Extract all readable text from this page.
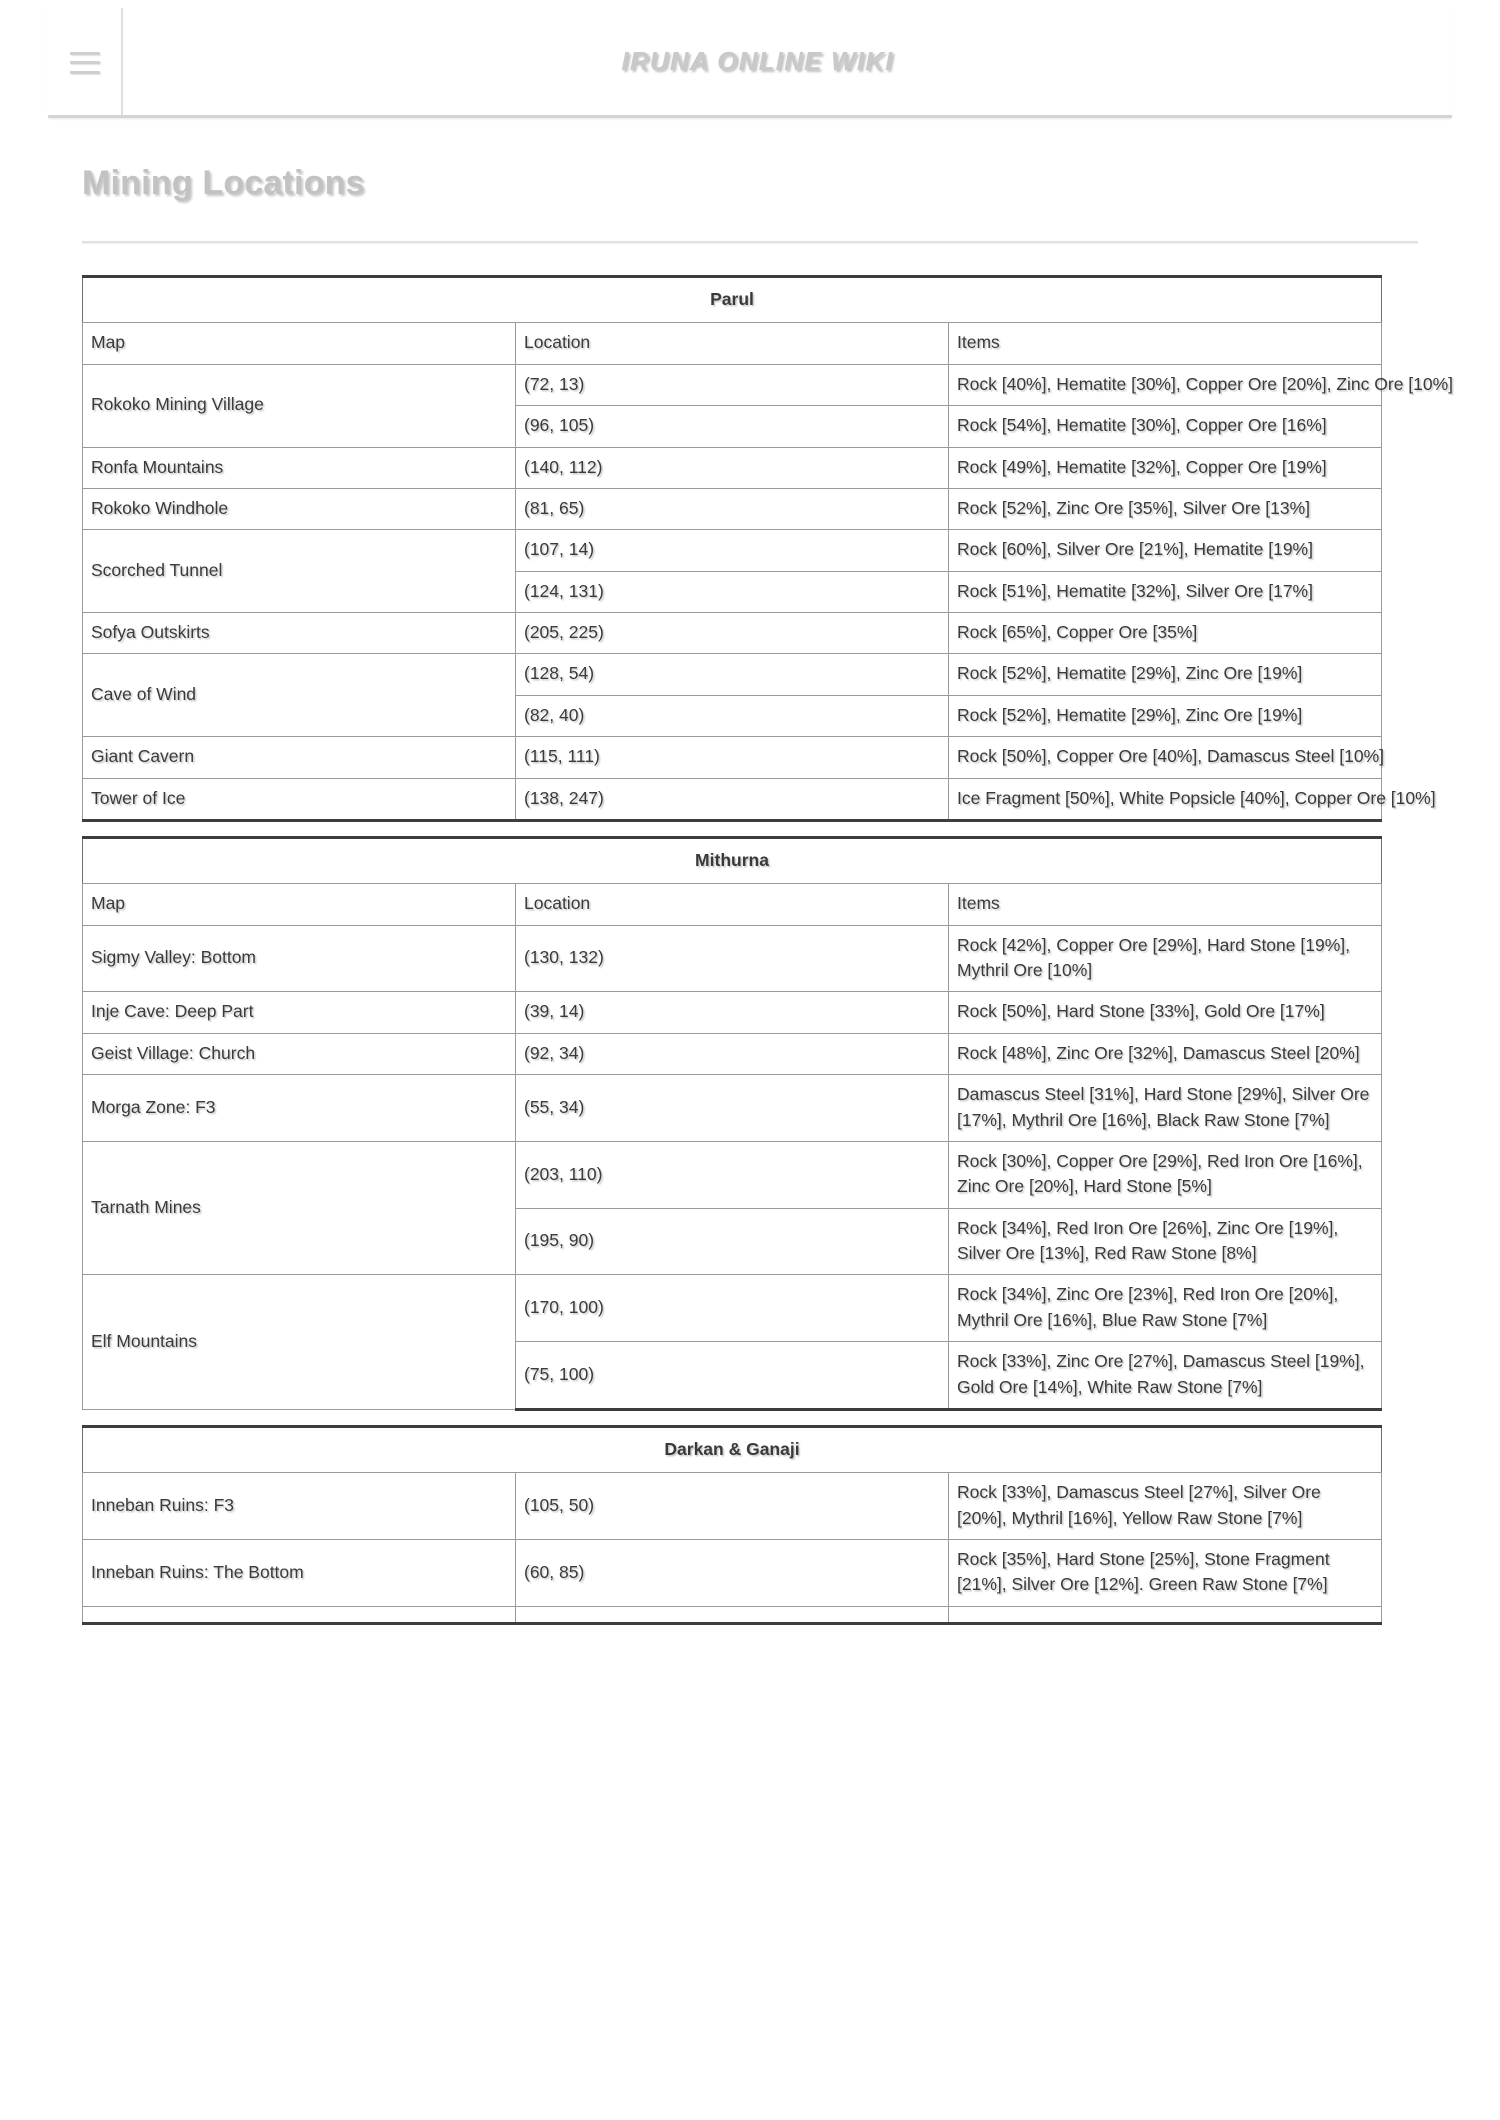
IRUNA ONLINE WIKI
Mining Locations
Parul		
Map	Location	Items
Rokoko Mining Village	(72, 13)	Rock [40%], Hematite [30%], Copper Ore [20%], Zinc Ore [10%]
	(96, 105)	Rock [54%], Hematite [30%], Copper Ore [16%]
Ronfa Mountains	(140, 112)	Rock [49%], Hematite [32%], Copper Ore [19%]
Rokoko Windhole	(81, 65)	Rock [52%], Zinc Ore [35%], Silver Ore [13%]
Scorched Tunnel	(107, 14)	Rock [60%], Silver Ore [21%], Hematite [19%]
	(124, 131)	Rock [51%], Hematite [32%], Silver Ore [17%]
Sofya Outskirts	(205, 225)	Rock [65%], Copper Ore [35%]
Cave of Wind	(128, 54)	Rock [52%], Hematite [29%], Zinc Ore [19%]
	(82, 40)	Rock [52%], Hematite [29%], Zinc Ore [19%]
Giant Cavern	(115, 111)	Rock [50%], Copper Ore [40%], Damascus Steel [10%]
Tower of Ice	(138, 247)	Ice Fragment [50%], White Popsicle [40%], Copper Ore [10%]
Mithurna		
Map	Location	Items
Sigmy Valley: Bottom	(130, 132)	Rock [42%], Copper Ore [29%], Hard Stone [19%], Mythril Ore [10%]
Inje Cave: Deep Part	(39, 14)	Rock [50%], Hard Stone [33%], Gold Ore [17%]
Geist Village: Church	(92, 34)	Rock [48%], Zinc Ore [32%], Damascus Steel [20%]
Morga Zone: F3	(55, 34)	Damascus Steel [31%], Hard Stone [29%], Silver Ore [17%], Mythril Ore [16%], Black Raw Stone [7%]
Tarnath Mines	(203, 110)	Rock [30%], Copper Ore [29%], Red Iron Ore [16%], Zinc Ore [20%], Hard Stone [5%]
	(195, 90)	Rock [34%], Red Iron Ore [26%], Zinc Ore [19%], Silver Ore [13%], Red Raw Stone [8%]
Elf Mountains	(170, 100)	Rock [34%], Zinc Ore [23%], Red Iron Ore [20%], Mythril Ore [16%], Blue Raw Stone [7%]
	(75, 100)	Rock [33%], Zinc Ore [27%], Damascus Steel [19%], Gold Ore [14%], White Raw Stone [7%]
Darkan & Ganaji		
Inneban Ruins: F3	(105, 50)	Rock [33%], Damascus Steel [27%], Silver Ore [20%], Mythril [16%], Yellow Raw Stone [7%]
Inneban Ruins: The Bottom	(60, 85)	Rock [35%], Hard Stone [25%], Stone Fragment [21%], Silver Ore [12%]. Green Raw Stone [7%]
